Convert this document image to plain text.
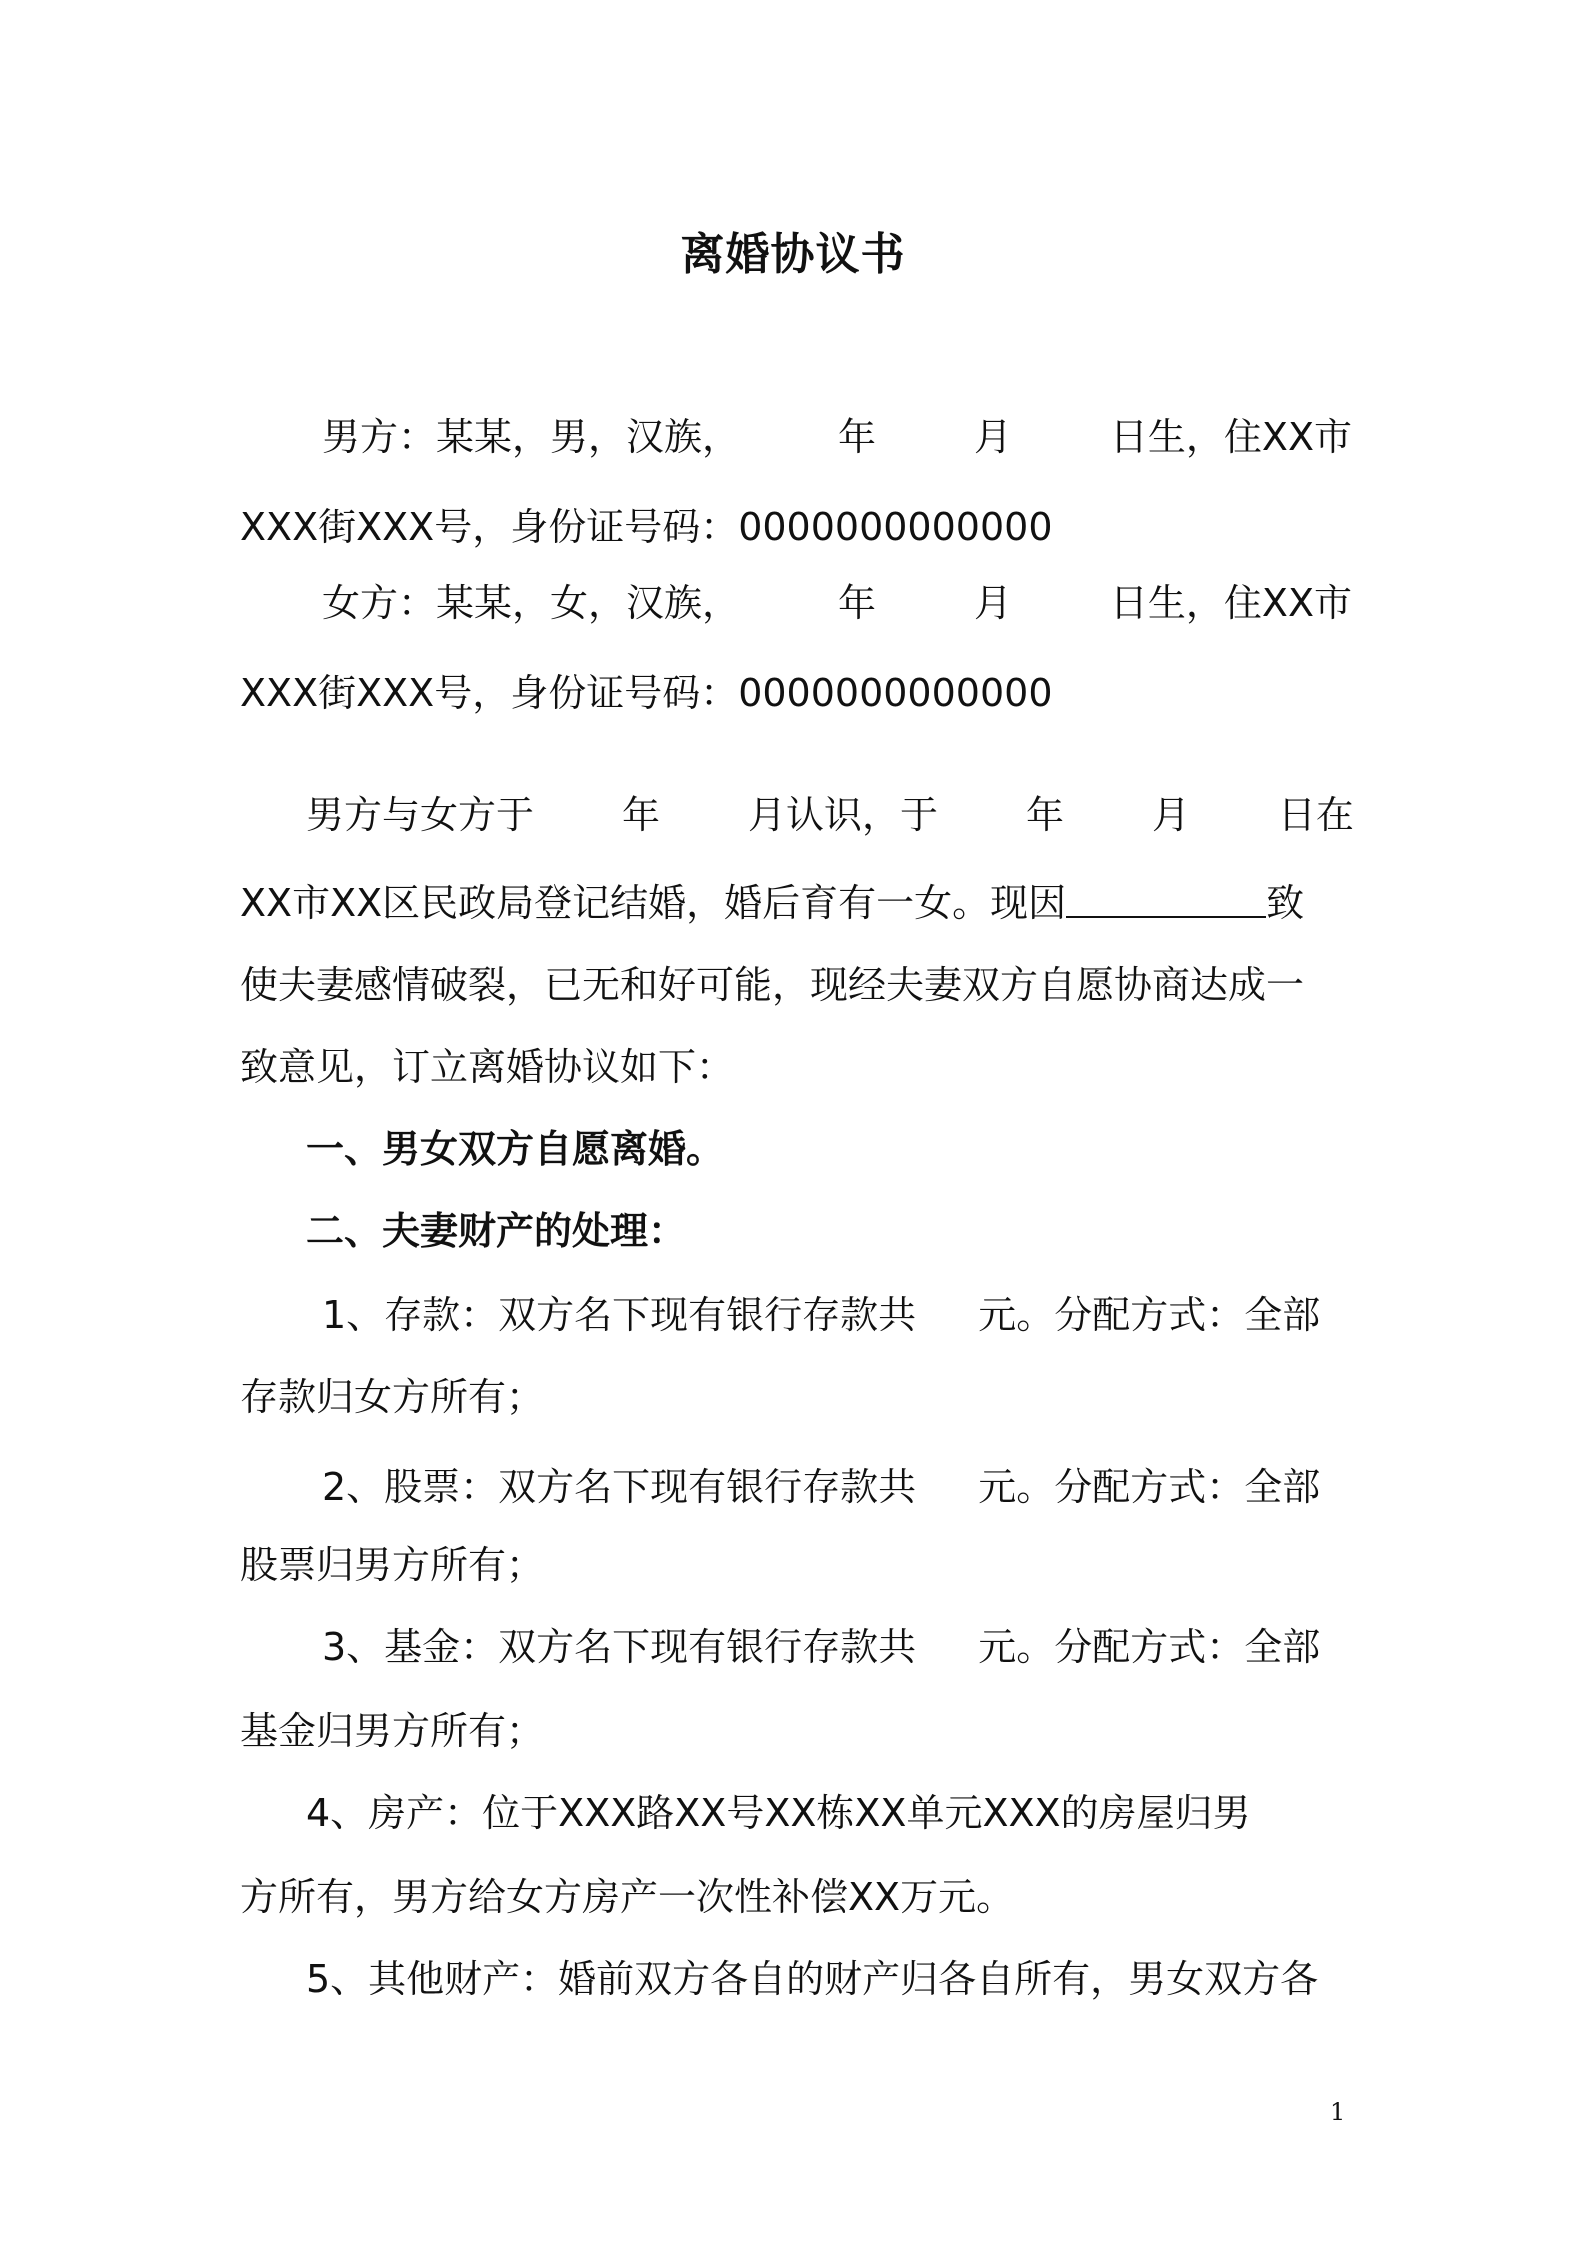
离婚协议书
男方：某某，男，汉族，	年	月	日生，住XX市
XXX街XXX号，身份证号码：0000000000000
女方：某某，女，汉族，	年	月	日生，住XX市
XXX街XXX号，身份证号码：0000000000000
男方与女方于 年 月认识，于 年 月 日在
XX市XX区民政局登记结婚，婚后育有一女。现因	致
使夫妻感情破裂，已无和好可能，现经夫妻双方自愿协商达成一
致意见，订立离婚协议如下：
一、男女双方自愿离婚。
二、夫妻财产的处理：
1、存款：双方名下现有银行存款共 元。分配方式：全部
存款归女方所有；
2、股票：双方名下现有银行存款共 元。分配方式：全部
股票归男方所有；
3、基金：双方名下现有银行存款共 元。分配方式：全部
基金归男方所有；
4、房产：位于XXX路XX号XX栋XX单元XXX的房屋归男
方所有，男方给女方房产一次性补偿XX万元。
5、其他财产：婚前双方各自的财产归各自所有，男女双方各
1
